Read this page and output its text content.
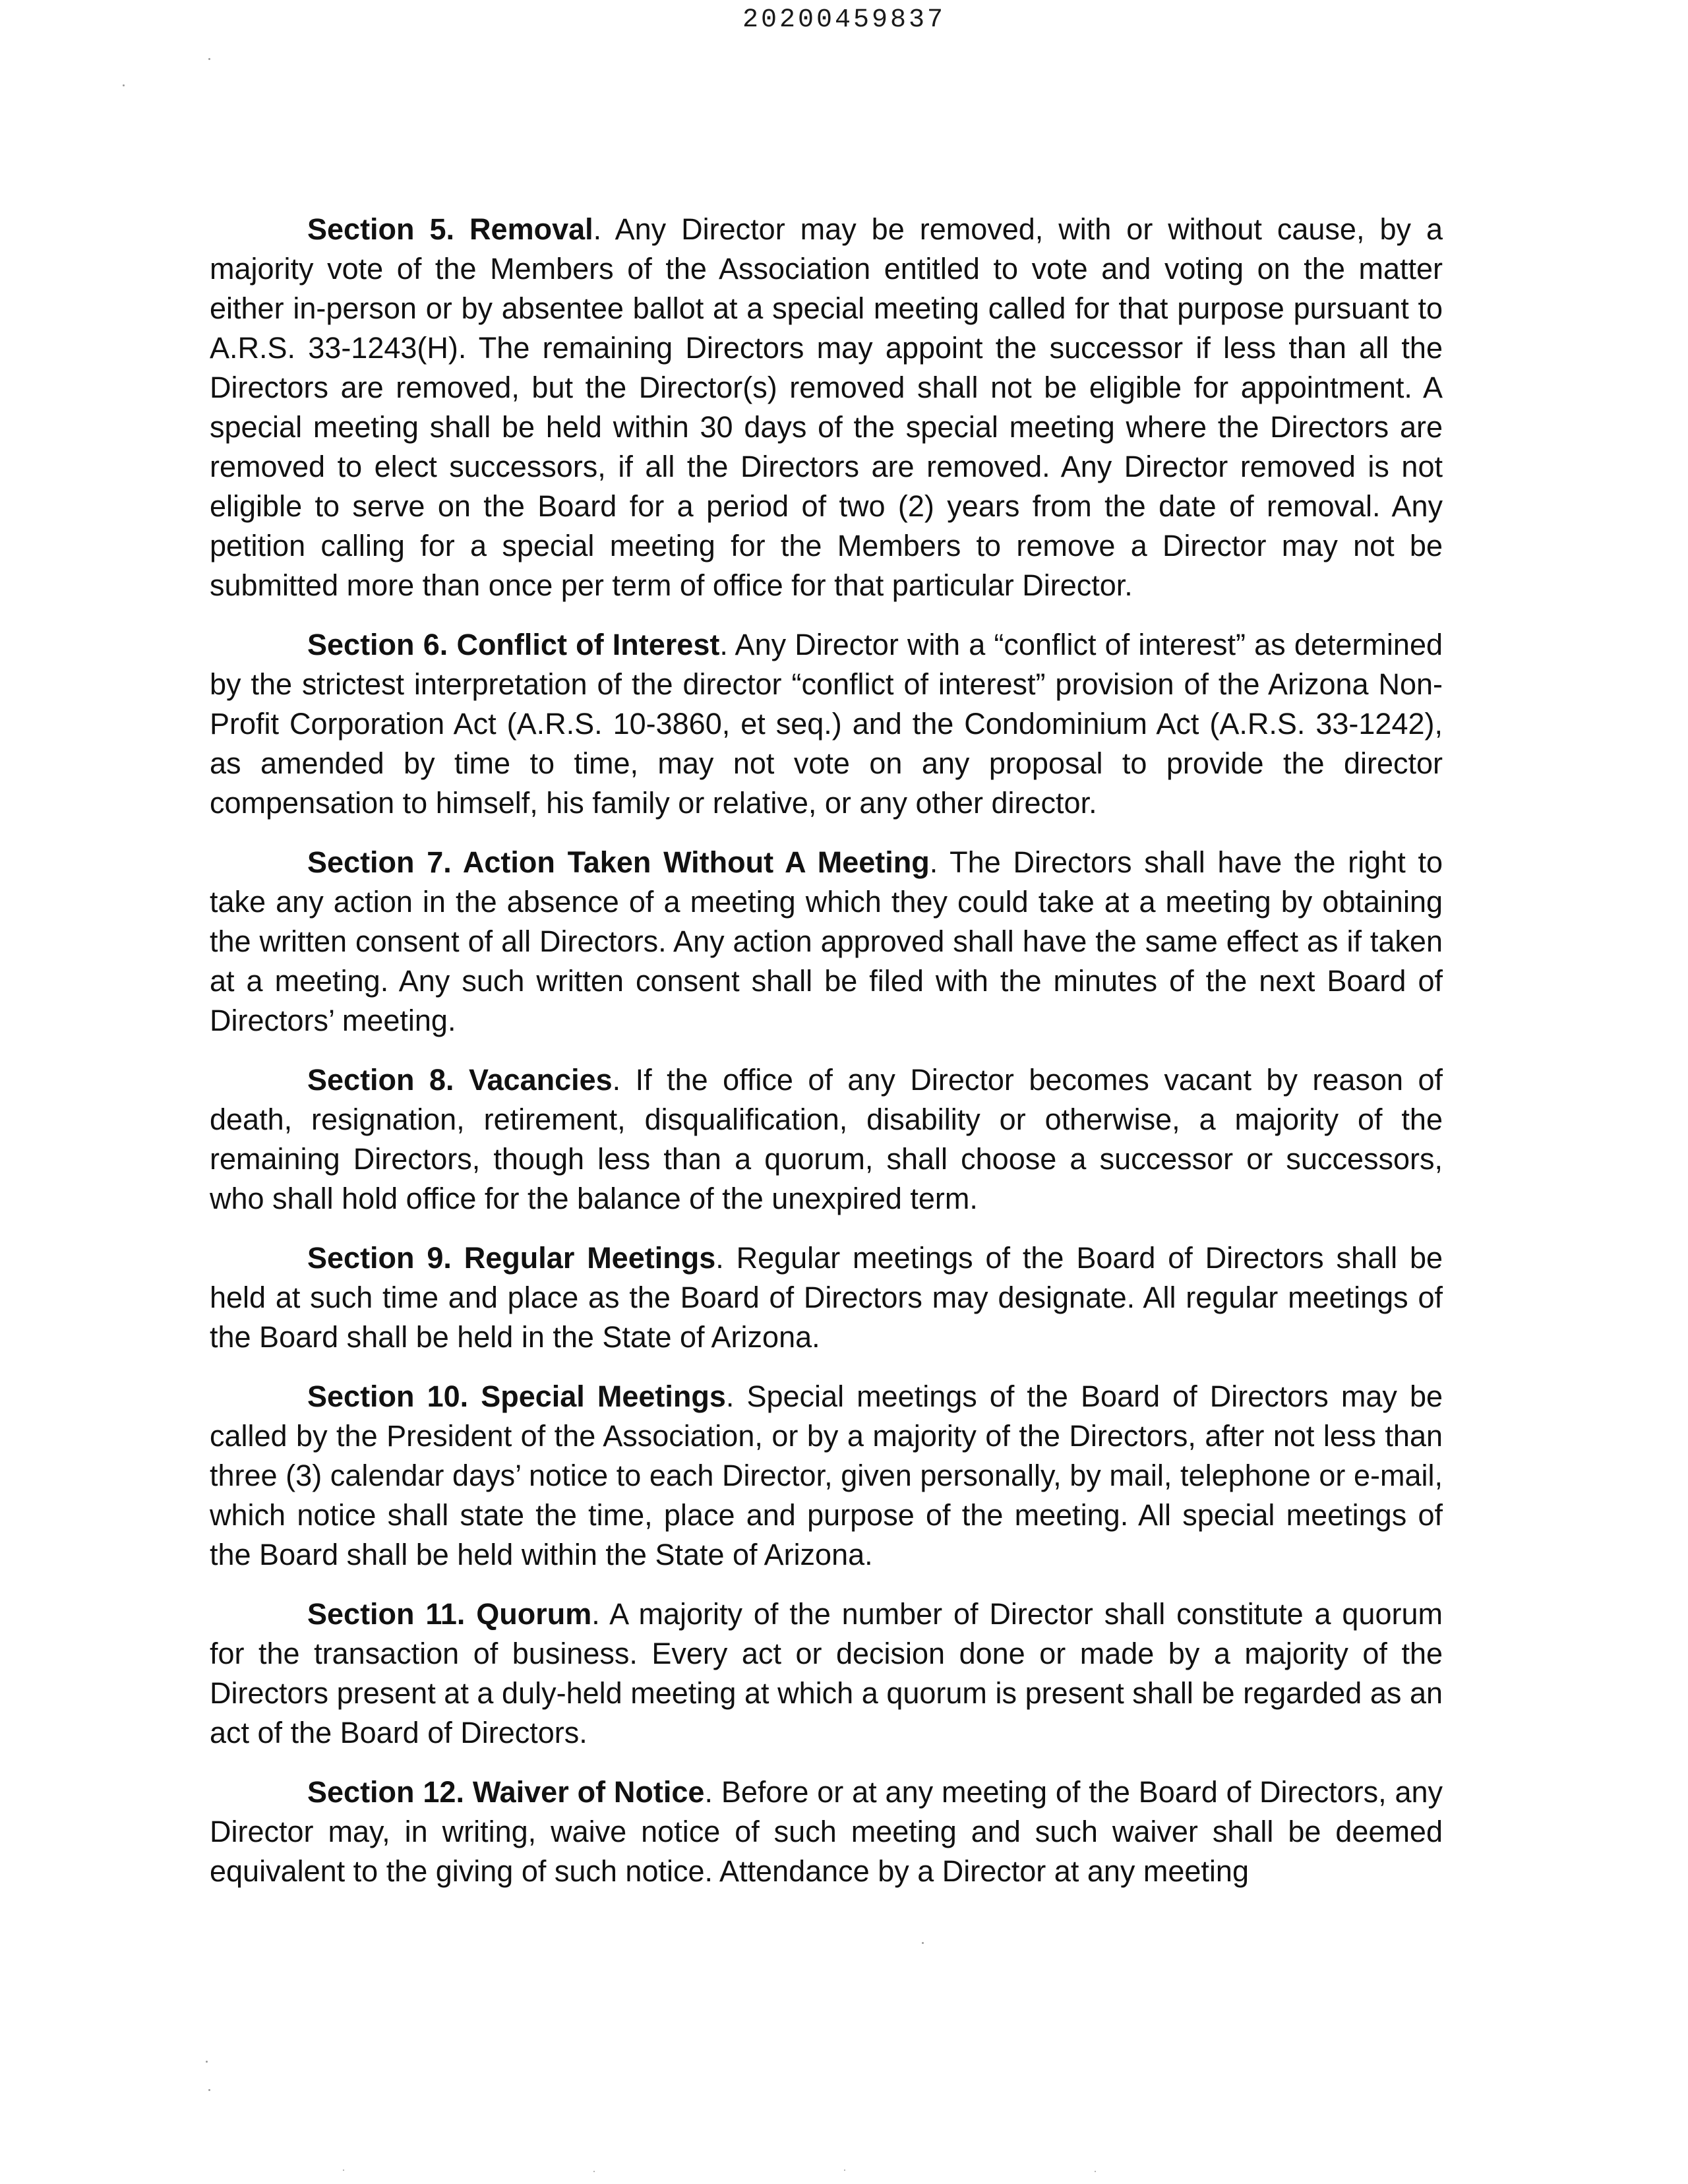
20200459837

Section 5. Removal. Any Director may be removed, with or without cause, by a majority vote of the Members of the Association entitled to vote and voting on the matter either in-person or by absentee ballot at a special meeting called for that purpose pursuant to A.R.S. 33-1243(H). The remaining Directors may appoint the successor if less than all the Directors are removed, but the Director(s) removed shall not be eligible for appointment. A special meeting shall be held within 30 days of the special meeting where the Directors are removed to elect successors, if all the Directors are removed. Any Director removed is not eligible to serve on the Board for a period of two (2) years from the date of removal. Any petition calling for a special meeting for the Members to remove a Director may not be submitted more than once per term of office for that particular Director.

Section 6. Conflict of Interest. Any Director with a “conflict of interest” as determined by the strictest interpretation of the director “conflict of interest” provision of the Arizona Non-Profit Corporation Act (A.R.S. 10-3860, et seq.) and the Condominium Act (A.R.S. 33-1242), as amended by time to time, may not vote on any proposal to provide the director compensation to himself, his family or relative, or any other director.

Section 7. Action Taken Without A Meeting. The Directors shall have the right to take any action in the absence of a meeting which they could take at a meeting by obtaining the written consent of all Directors. Any action approved shall have the same effect as if taken at a meeting. Any such written consent shall be filed with the minutes of the next Board of Directors’ meeting.

Section 8. Vacancies. If the office of any Director becomes vacant by reason of death, resignation, retirement, disqualification, disability or otherwise, a majority of the remaining Directors, though less than a quorum, shall choose a successor or successors, who shall hold office for the balance of the unexpired term.

Section 9. Regular Meetings. Regular meetings of the Board of Directors shall be held at such time and place as the Board of Directors may designate. All regular meetings of the Board shall be held in the State of Arizona.

Section 10. Special Meetings. Special meetings of the Board of Directors may be called by the President of the Association, or by a majority of the Directors, after not less than three (3) calendar days’ notice to each Director, given personally, by mail, telephone or e-mail, which notice shall state the time, place and purpose of the meeting. All special meetings of the Board shall be held within the State of Arizona.

Section 11. Quorum. A majority of the number of Director shall constitute a quorum for the transaction of business. Every act or decision done or made by a majority of the Directors present at a duly-held meeting at which a quorum is present shall be regarded as an act of the Board of Directors.

Section 12. Waiver of Notice. Before or at any meeting of the Board of Directors, any Director may, in writing, waive notice of such meeting and such waiver shall be deemed equivalent to the giving of such notice. Attendance by a Director at any meeting
